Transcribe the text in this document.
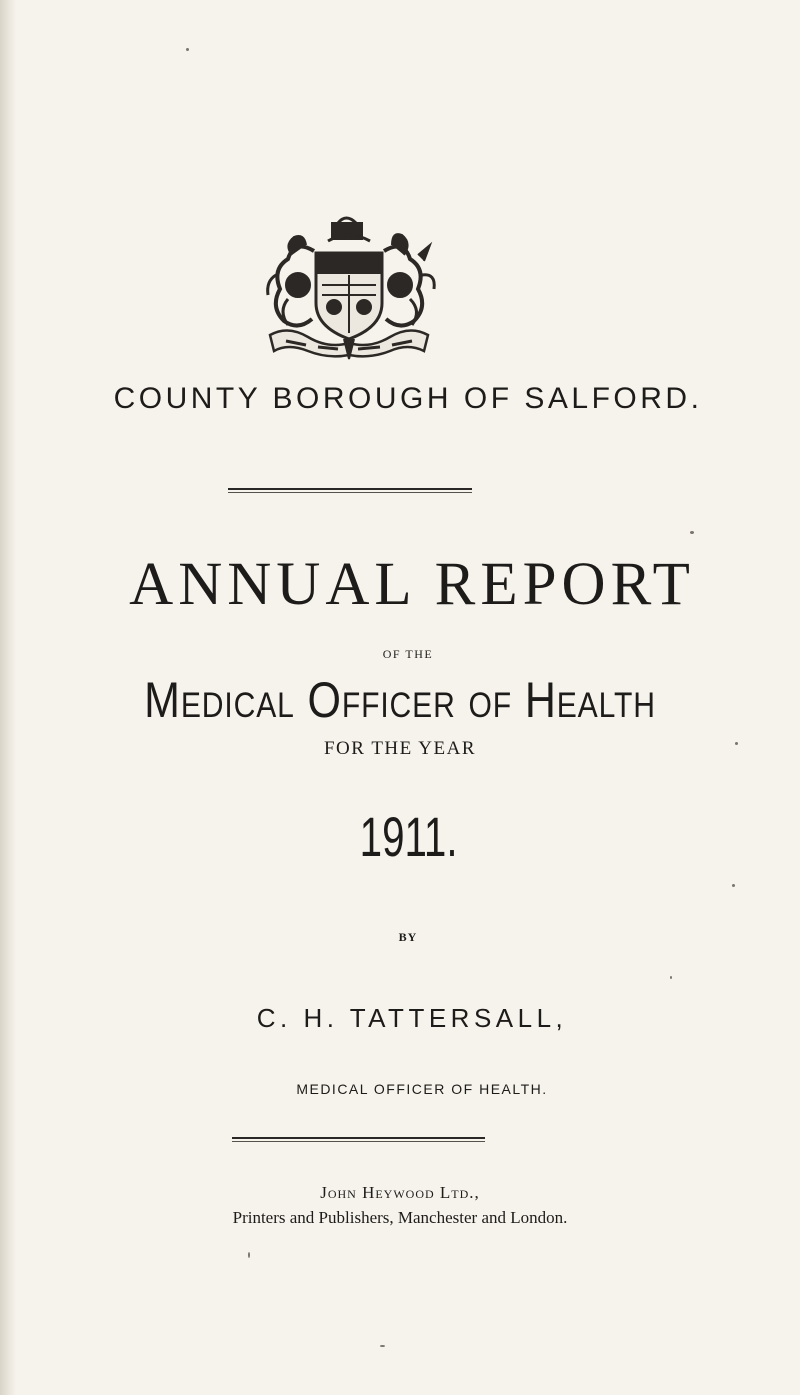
COUNTY BOROUGH OF SALFORD.
ANNUAL REPORT
OF THE
Medical Officer of Health
FOR THE YEAR
1911.
BY
C. H. TATTERSALL,
MEDICAL OFFICER OF HEALTH.
John Heywood Ltd.,
Printers and Publishers, Manchester and London.
